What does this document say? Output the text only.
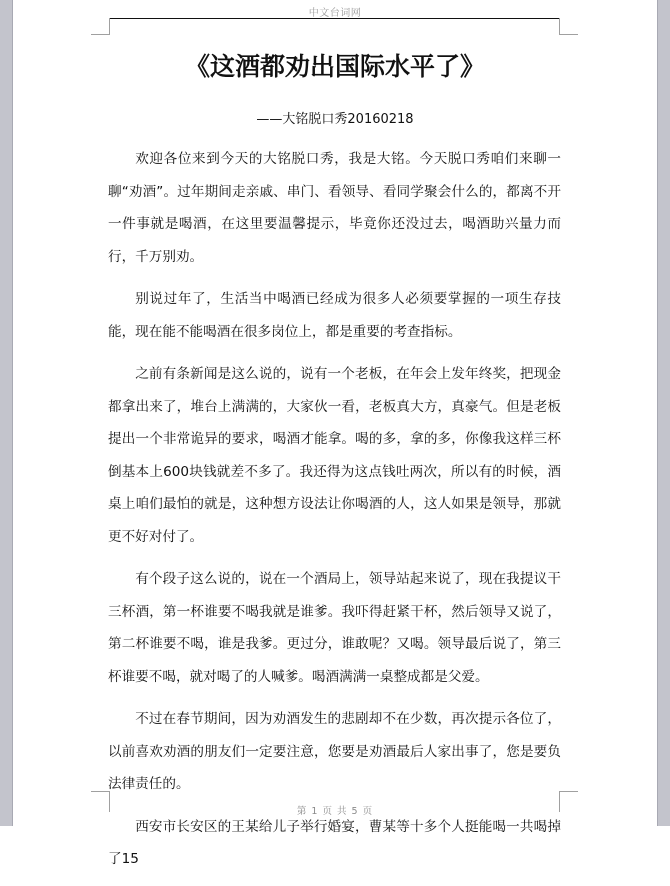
中文台词网
《这酒都劝出国际水平了》
——大铭脱口秀20160218

欢迎各位来到今天的大铭脱口秀，我是大铭。今天脱口秀咱们来聊一聊“劝酒”。过年期间走亲戚、串门、看领导、看同学聚会什么的，都离不开一件事就是喝酒，在这里要温馨提示，毕竟你还没过去，喝酒助兴量力而行，千万别劝。

别说过年了，生活当中喝酒已经成为很多人必须要掌握的一项生存技能，现在能不能喝酒在很多岗位上，都是重要的考查指标。

之前有条新闻是这么说的，说有一个老板，在年会上发年终奖，把现金都拿出来了，堆台上满满的，大家伙一看，老板真大方，真豪气。但是老板提出一个非常诡异的要求，喝酒才能拿。喝的多，拿的多，你像我这样三杯倒基本上600块钱就差不多了。我还得为这点钱吐两次，所以有的时候，酒桌上咱们最怕的就是，这种想方设法让你喝酒的人，这人如果是领导，那就更不好对付了。

有个段子这么说的，说在一个酒局上，领导站起来说了，现在我提议干三杯酒，第一杯谁要不喝我就是谁爹。我吓得赶紧干杯，然后领导又说了，第二杯谁要不喝，谁是我爹。更过分，谁敢呢？又喝。领导最后说了，第三杯谁要不喝，就对喝了的人喊爹。喝酒满满一桌整成都是父爱。

不过在春节期间，因为劝酒发生的悲剧却不在少数，再次提示各位了，以前喜欢劝酒的朋友们一定要注意，您要是劝酒最后人家出事了，您是要负法律责任的。

西安市长安区的王某给儿子举行婚宴，曹某等十多个人挺能喝一共喝掉了15

第 1 页 共 5 页
